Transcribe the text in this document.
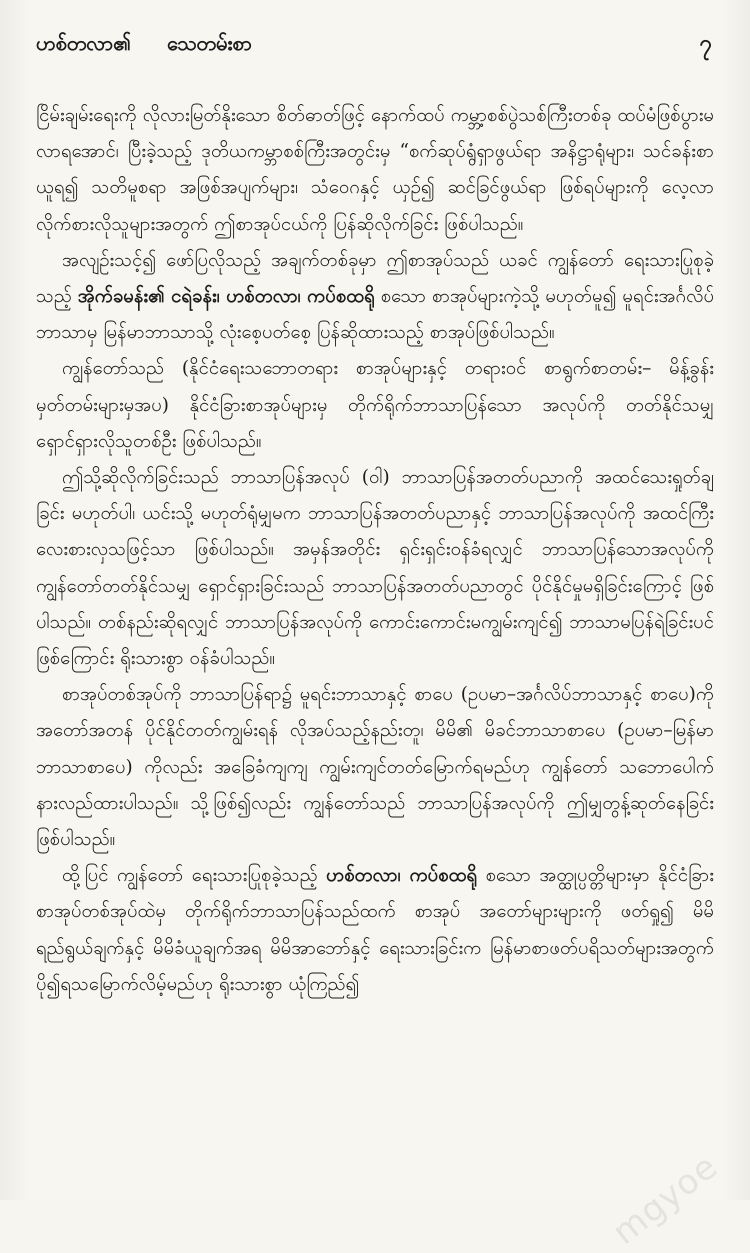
ဟစ်တလာ၏ သေတမ်းစာ	၇

ငြိမ်းချမ်းရေးကို လိုလားမြတ်နိုးသော စိတ်ဓာတ်ဖြင့် နောက်ထပ် ကမ္ဘာ့စစ်ပွဲသစ်ကြီးတစ်ခု ထပ်မံဖြစ်ပွားမလာရအောင်၊ ပြီးခဲ့သည့် ဒုတိယကမ္ဘာစစ်ကြီးအတွင်းမှ “စက်ဆုပ်ရွံရှာဖွယ်ရာ အနိဋ္ဌာရုံများ၊ သင်ခန်းစာယူရ၍ သတိမူစရာ အဖြစ်အပျက်များ၊ သံဝေဂနှင့် ယှဉ်၍ ဆင်ခြင်ဖွယ်ရာ ဖြစ်ရပ်များကို လေ့လာလိုက်စားလိုသူများအတွက် ဤစာအုပ်ငယ်ကို ပြန်ဆိုလိုက်ခြင်း ဖြစ်ပါသည်။

အလျဉ်းသင့်၍ ဖော်ပြလိုသည့် အချက်တစ်ခုမှာ ဤစာအုပ်သည် ယခင် ကျွန်တော် ရေးသားပြုစုခဲ့သည့် အိုက်ခမန်း၏ ငရဲခန်း၊ ဟစ်တလာ၊ ကပ်စထရို စသော စာအုပ်များကဲ့သို့ မဟုတ်မူ၍ မူရင်းအင်္ဂလိပ်ဘာသာမှ မြန်မာဘာသာသို့ လုံးစေ့ပတ်စေ့ ပြန်ဆိုထားသည့် စာအုပ်ဖြစ်ပါသည်။

ကျွန်တော်သည် (နိုင်ငံရေးသဘောတရား စာအုပ်များနှင့် တရားဝင် စာရွက်စာတမ်း– မိန့်ခွန်းမှတ်တမ်းများမှအပ) နိုင်ငံခြားစာအုပ်များမှ တိုက်ရိုက်ဘာသာပြန်သော အလုပ်ကို တတ်နိုင်သမျှ ရှောင်ရှားလိုသူတစ်ဦး ဖြစ်ပါသည်။

ဤသို့ဆိုလိုက်ခြင်းသည် ဘာသာပြန်အလုပ် (ဝါ) ဘာသာပြန်အတတ်ပညာကို အထင်သေးရှုတ်ချခြင်း မဟုတ်ပါ၊ ယင်းသို့ မဟုတ်ရုံမျှမက ဘာသာပြန်အတတ်ပညာနှင့် ဘာသာပြန်အလုပ်ကို အထင်ကြီးလေးစားလှသဖြင့်သာ ဖြစ်ပါသည်။ အမှန်အတိုင်း ရှင်းရှင်းဝန်ခံရလျှင် ဘာသာပြန်သောအလုပ်ကို ကျွန်တော်တတ်နိုင်သမျှ ရှောင်ရှားခြင်းသည် ဘာသာပြန်အတတ်ပညာတွင် ပိုင်နိုင်မှုမရှိခြင်းကြောင့် ဖြစ်ပါသည်။ တစ်နည်းဆိုရလျှင် ဘာသာပြန်အလုပ်ကို ကောင်းကောင်းမကျွမ်းကျင်၍ ဘာသာမပြန်ရဲခြင်းပင် ဖြစ်ကြောင်း ရိုးသားစွာ ဝန်ခံပါသည်။

စာအုပ်တစ်အုပ်ကို ဘာသာပြန်ရာ၌ မူရင်းဘာသာနှင့် စာပေ (ဥပမာ–အင်္ဂလိပ်ဘာသာနှင့် စာပေ)ကို အတော်အတန် ပိုင်နိုင်တတ်ကျွမ်းရန် လိုအပ်သည့်နည်းတူ၊ မိမိ၏ မိခင်ဘာသာစာပေ (ဥပမာ–မြန်မာ ဘာသာစာပေ) ကိုလည်း အခြေခံကျကျ ကျွမ်းကျင်တတ်မြောက်ရမည်ဟု ကျွန်တော် သဘောပေါက် နားလည်ထားပါသည်။ သို့ဖြစ်၍လည်း ကျွန်တော်သည် ဘာသာပြန်အလုပ်ကို ဤမျှတွန့်ဆုတ်နေခြင်း ဖြစ်ပါသည်။

ထို့ပြင် ကျွန်တော် ရေးသားပြုစုခဲ့သည့် ဟစ်တလာ၊ ကပ်စထရို စသော အတ္ထုပ္ပတ္တိများမှာ နိုင်ငံခြားစာအုပ်တစ်အုပ်ထဲမှ တိုက်ရိုက်ဘာသာပြန်သည်ထက် စာအုပ် အတော်များများကို ဖတ်ရှု၍ မိမိရည်ရွယ်ချက်နှင့် မိမိခံယူချက်အရ မိမိအာဘော်နှင့် ရေးသားခြင်းက မြန်မာစာဖတ်ပရိသတ်များအတွက် ပို၍ရသမြောက်လိမ့်မည်ဟု ရိုးသားစွာ ယုံကြည်၍

mgyoe
